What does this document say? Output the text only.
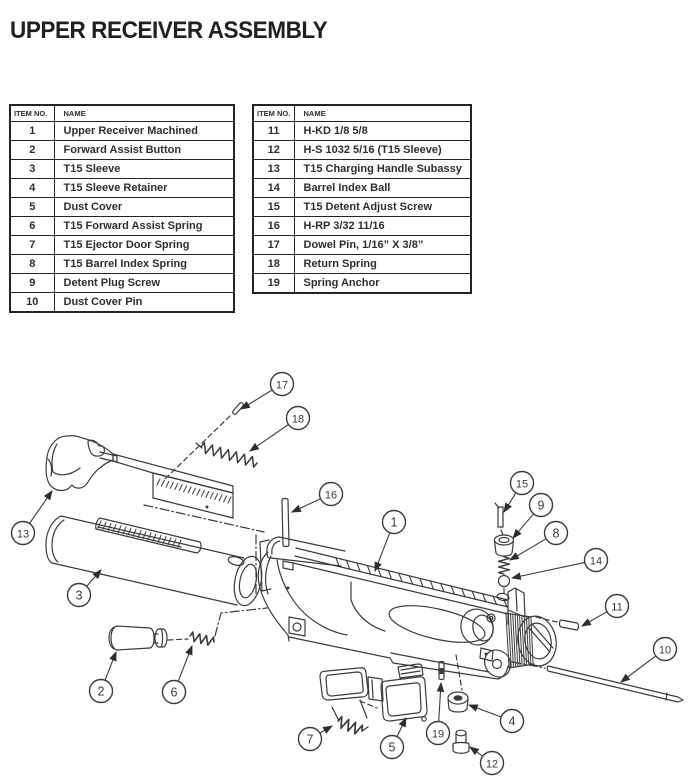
UPPER RECEIVER ASSEMBLY
ITEM NO.	NAME
1	Upper Receiver Machined
2	Forward Assist Button
3	T15 Sleeve
4	T15 Sleeve Retainer
5	Dust Cover
6	T15 Forward Assist Spring
7	T15 Ejector Door Spring
8	T15 Barrel Index Spring
9	Detent Plug Screw
10	Dust Cover Pin
ITEM NO.	NAME
11	H-KD 1/8 5/8
12	H-S 1032 5/16 (T15 Sleeve)
13	T15 Charging Handle Subassy
14	Barrel Index Ball
15	T15 Detent Adjust Screw
16	H-RP 3/32 11/16
17	Dowel Pin, 1/16” X 3/8”
18	Return Spring
19	Spring Anchor
1
2
3
4
5
6
7
8
9
10
11
12
13
14
15
16
17
18
19
